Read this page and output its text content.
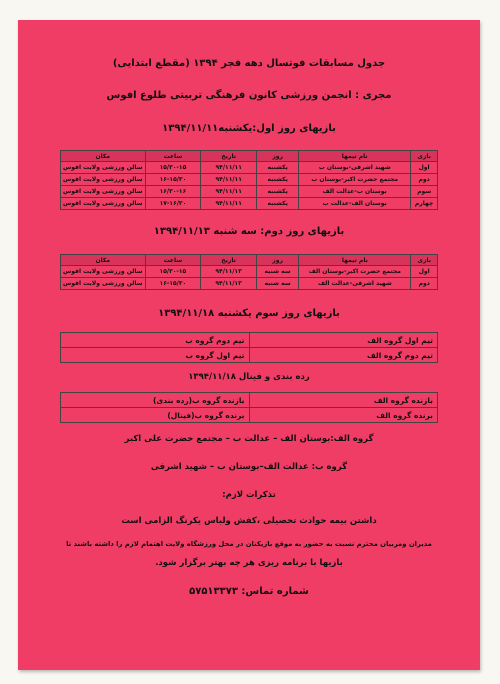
جدول مسابقات فوتسال دهه فجر ۱۳۹۴ (مقطع ابتدایی)
مجری : انجمن ورزشی کانون فرهنگی تربیتی طلوع افوس
بازیهای روز اول:یکشنبه۱۳۹۴/۱۱/۱۱
بازی	نام تیمها	روز	تاریخ	ساعت	مکان
اول	شهید اشرفی-بوستان ب	یکشنبه	۹۴/۱۱/۱۱	۱۵/۳۰-۱۵	سالن ورزشی ولایت افوس
دوم	مجتمع حضرت اکبر-بوستان ب	یکشنبه	۹۴/۱۱/۱۱	۱۶-۱۵/۳۰	سالن ورزشی ولایت افوس
سوم	بوستان ب-عدالت الف	یکشنبه	۹۴/۱۱/۱۱	۱۶/۳۰-۱۶	سالن ورزشی ولایت افوس
چهارم	بوستان الف-عدالت ب	یکشنبه	۹۴/۱۱/۱۱	۱۷-۱۶/۳۰	سالن ورزشی ولایت افوس
بازیهای روز دوم: سه شنبه ۱۳۹۴/۱۱/۱۳
بازی	نام تیمها	روز	تاریخ	ساعت	مکان
اول	مجتمع حضرت اکبر-بوستان الف	سه شنبه	۹۴/۱۱/۱۳	۱۵/۳۰-۱۵	سالن ورزشی ولایت افوس
دوم	شهید اشرفی-عدالت الف	سه شنبه	۹۴/۱۱/۱۳	۱۶-۱۵/۳۰	سالن ورزشی ولایت افوس
بازیهای روز سوم یکشنبه ۱۳۹۴/۱۱/۱۸
تیم اول گروه الف	تیم دوم گروه ب
تیم دوم گروه الف	تیم اول گروه ب
رده بندی و فینال ۱۳۹۴/۱۱/۱۸
بازنده گروه الف	بازنده گروه ب(رده بندی)
برنده گروه الف	برنده گروه ب(فینال)
گروه الف:بوستان الف – عدالت ب – مجتمع حضرت علی اکبر
گروه ب: عدالت الف–بوستان ب – شهید اشرفی
تذکرات لازم:
داشتن بیمه حوادث تحصیلی ،کفش ولباس یکرنگ الزامی است
مدیران ومربیان محترم نسبت به حضور به موقع بازیکنان در محل ورزشگاه ولایت اهتمام لازم را داشته باشند تا
بازیها با برنامه ریزی هر چه بهتر برگزار شود.
شماره تماس: ۵۷۵۱۳۳۷۳
